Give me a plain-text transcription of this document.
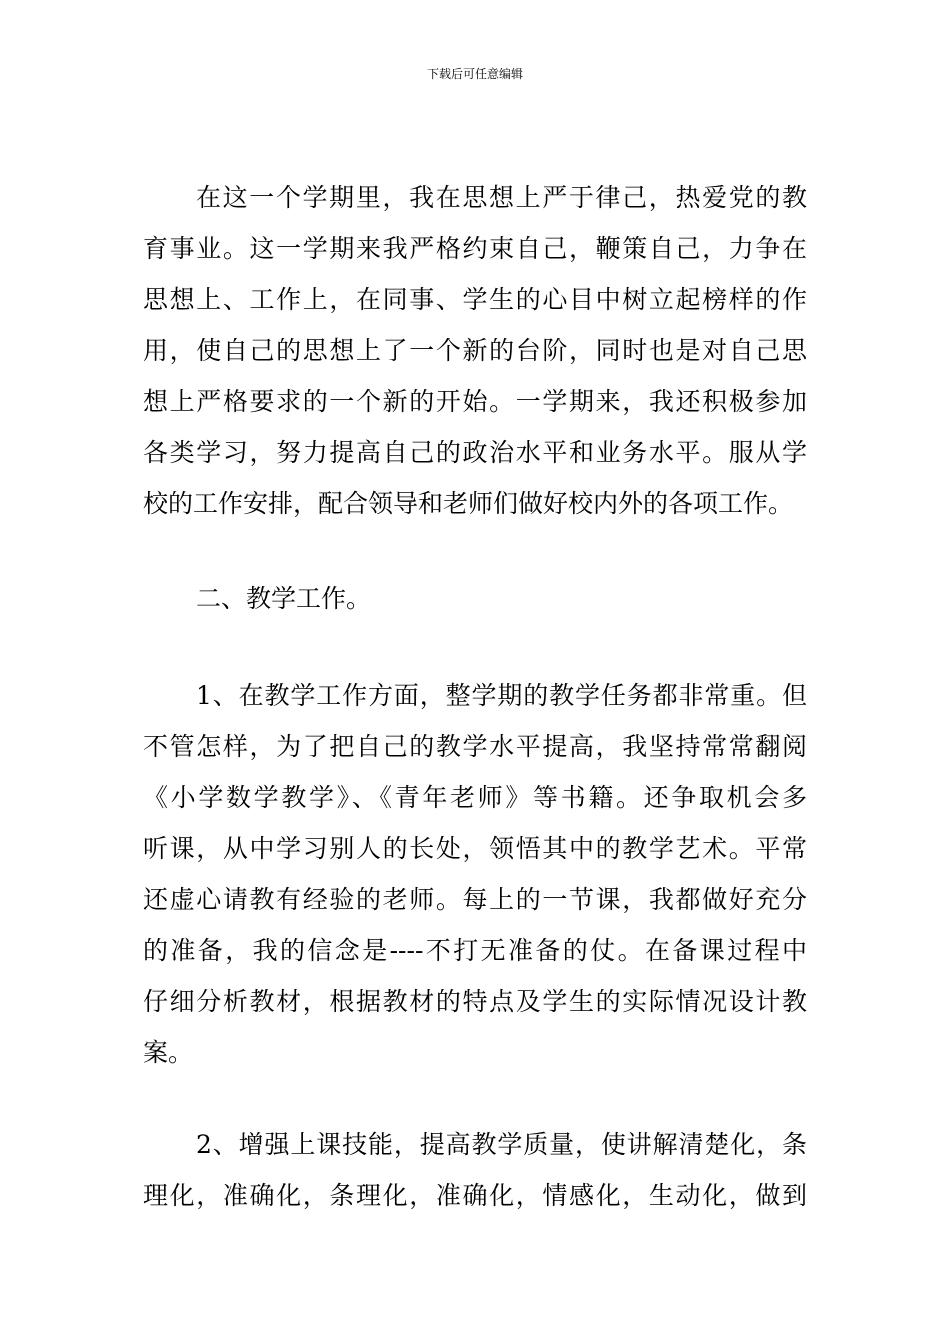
下载后可任意编辑
在这一个学期里，我在思想上严于律己，热爱党的教
育事业。这一学期来我严格约束自己，鞭策自己，力争在
思想上、工作上，在同事、学生的心目中树立起榜样的作
用，使自己的思想上了一个新的台阶，同时也是对自己思
想上严格要求的一个新的开始。一学期来，我还积极参加
各类学习，努力提高自己的政治水平和业务水平。服从学
校的工作安排，配合领导和老师们做好校内外的各项工作。
二、教学工作。
1、在教学工作方面，整学期的教学任务都非常重。但
不管怎样，为了把自己的教学水平提高，我坚持常常翻阅
《小学数学教学》、《青年老师》等书籍。还争取机会多
听课，从中学习别人的长处，领悟其中的教学艺术。平常
还虚心请教有经验的老师。每上的一节课，我都做好充分
的准备，我的信念是----不打无准备的仗。在备课过程中
仔细分析教材，根据教材的特点及学生的实际情况设计教
案。
2、增强上课技能，提高教学质量，使讲解清楚化，条
理化，准确化，条理化，准确化，情感化，生动化，做到
